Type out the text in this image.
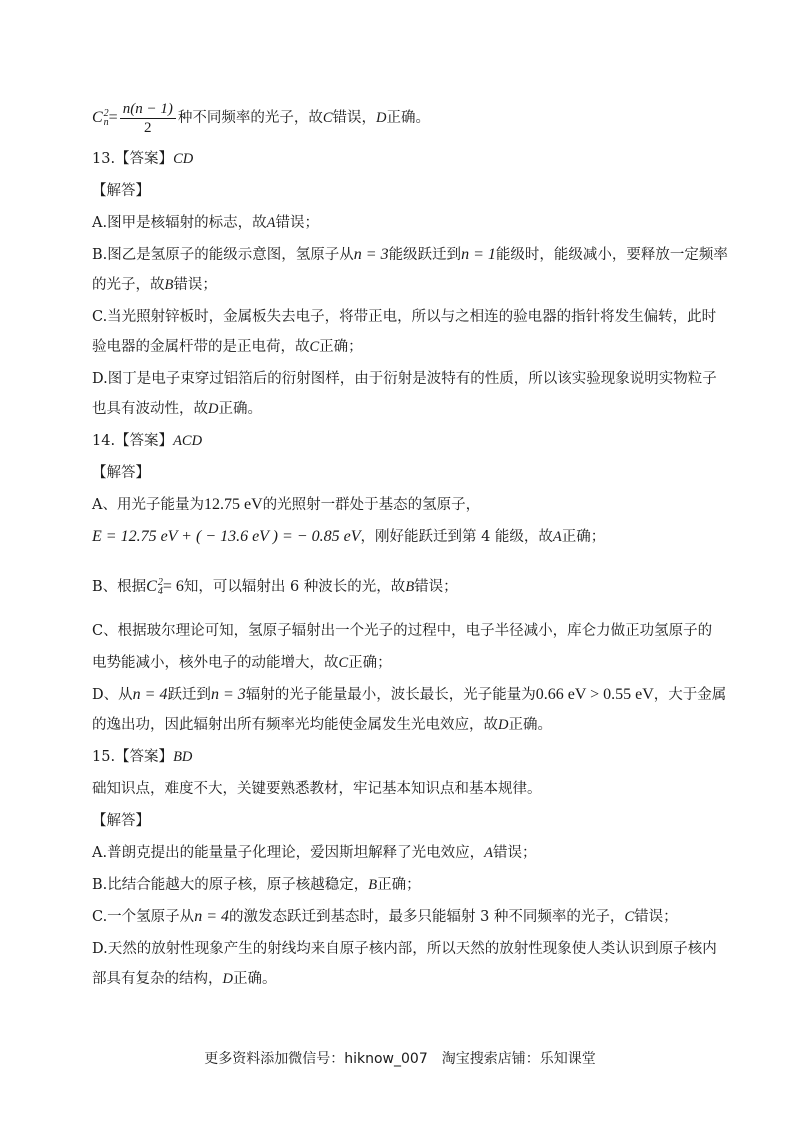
C2
$n= \frac{n(n - 1)}{2}$ 种不同频率的光子，故C错误，D正确。
13.【答案】CD
【解答】
A.图甲是核辐射的标志，故A错误；
B.图乙是氢原子的能级示意图，氢原子从n = 3能级跃迁到n = 1能级时，能级减小，要释放一定频率
的光子，故B错误；
C.当光照射锌板时，金属板失去电子，将带正电，所以与之相连的验电器的指针将发生偏转，此时
验电器的金属杆带的是正电荷，故C正确；
D.图丁是电子束穿过铝箔后的衍射图样，由于衍射是波特有的性质，所以该实验现象说明实物粒子
也具有波动性，故D正确。
14.【答案】ACD
【解答】
A、用光子能量为12.75 eV的光照射一群处于基态的氢原子，
E = 12.75 eV + ( − 13.6 eV ) = − 0.85 eV，刚好能跃迁到第 4 能级，故A正确；
B、根据C2
4= 6知，可以辐射出 6 种波长的光，故B错误；
C、根据玻尔理论可知，氢原子辐射出一个光子的过程中，电子半径减小，库仑力做正功氢原子的
电势能减小，核外电子的动能增大，故C正确；
D、从n = 4跃迁到n = 3辐射的光子能量最小，波长最长，光子能量为0.66 eV > 0.55 eV，大于金属
的逸出功，因此辐射出所有频率光均能使金属发生光电效应，故D正确。
15.【答案】BD
础知识点，难度不大，关键要熟悉教材，牢记基本知识点和基本规律。
【解答】
A.普朗克提出的能量量子化理论，爱因斯坦解释了光电效应，A错误；
B.比结合能越大的原子核，原子核越稳定，B正确；
C.一个氢原子从n = 4的激发态跃迁到基态时，最多只能辐射 3 种不同频率的光子，C错误；
D.天然的放射性现象产生的射线均来自原子核内部，所以天然的放射性现象使人类认识到原子核内
部具有复杂的结构，D正确。
更多资料添加微信号：hiknow_007　淘宝搜索店铺：乐知课堂
